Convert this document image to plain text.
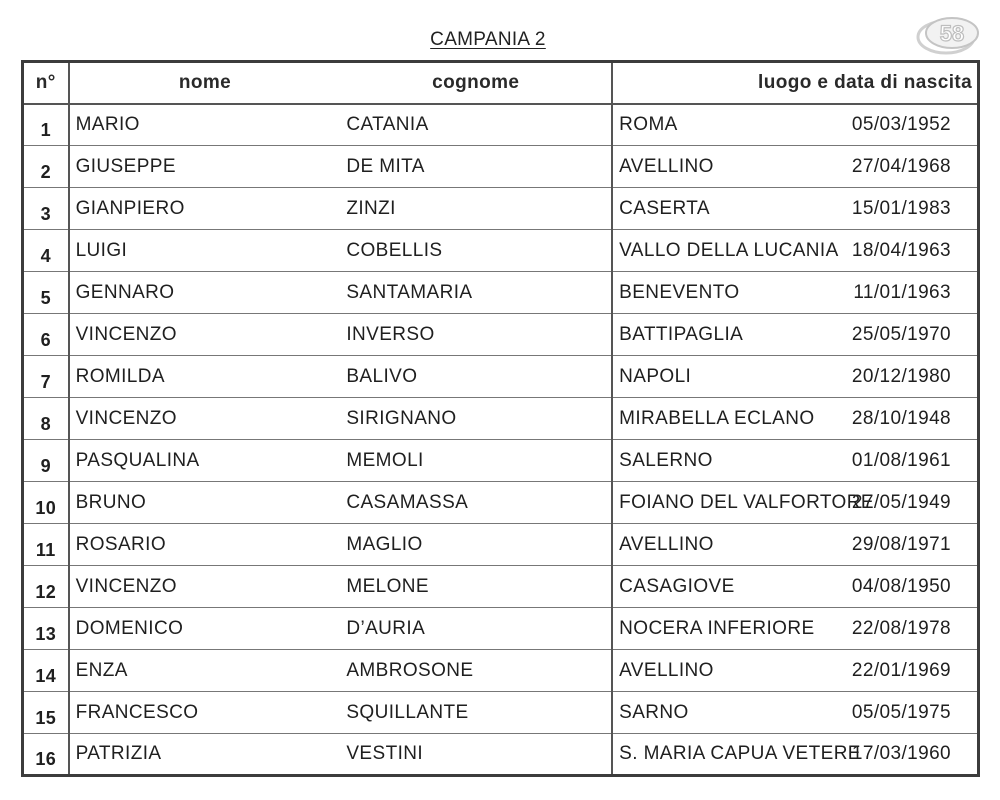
CAMPANIA 2	58
n°	nome	cognome	luogo e data di nascita	
1	MARIO	CATANIA	ROMA	05/03/1952
2	GIUSEPPE	DE MITA	AVELLINO	27/04/1968
3	GIANPIERO	ZINZI	CASERTA	15/01/1983
4	LUIGI	COBELLIS	VALLO DELLA LUCANIA	18/04/1963
5	GENNARO	SANTAMARIA	BENEVENTO	11/01/1963
6	VINCENZO	INVERSO	BATTIPAGLIA	25/05/1970
7	ROMILDA	BALIVO	NAPOLI	20/12/1980
8	VINCENZO	SIRIGNANO	MIRABELLA ECLANO	28/10/1948
9	PASQUALINA	MEMOLI	SALERNO	01/08/1961
10	BRUNO	CASAMASSA	FOIANO DEL VALFORTORE	27/05/1949
11	ROSARIO	MAGLIO	AVELLINO	29/08/1971
12	VINCENZO	MELONE	CASAGIOVE	04/08/1950
13	DOMENICO	D’AURIA	NOCERA INFERIORE	22/08/1978
14	ENZA	AMBROSONE	AVELLINO	22/01/1969
15	FRANCESCO	SQUILLANTE	SARNO	05/05/1975
16	PATRIZIA	VESTINI	S. MARIA CAPUA VETERE	17/03/1960
